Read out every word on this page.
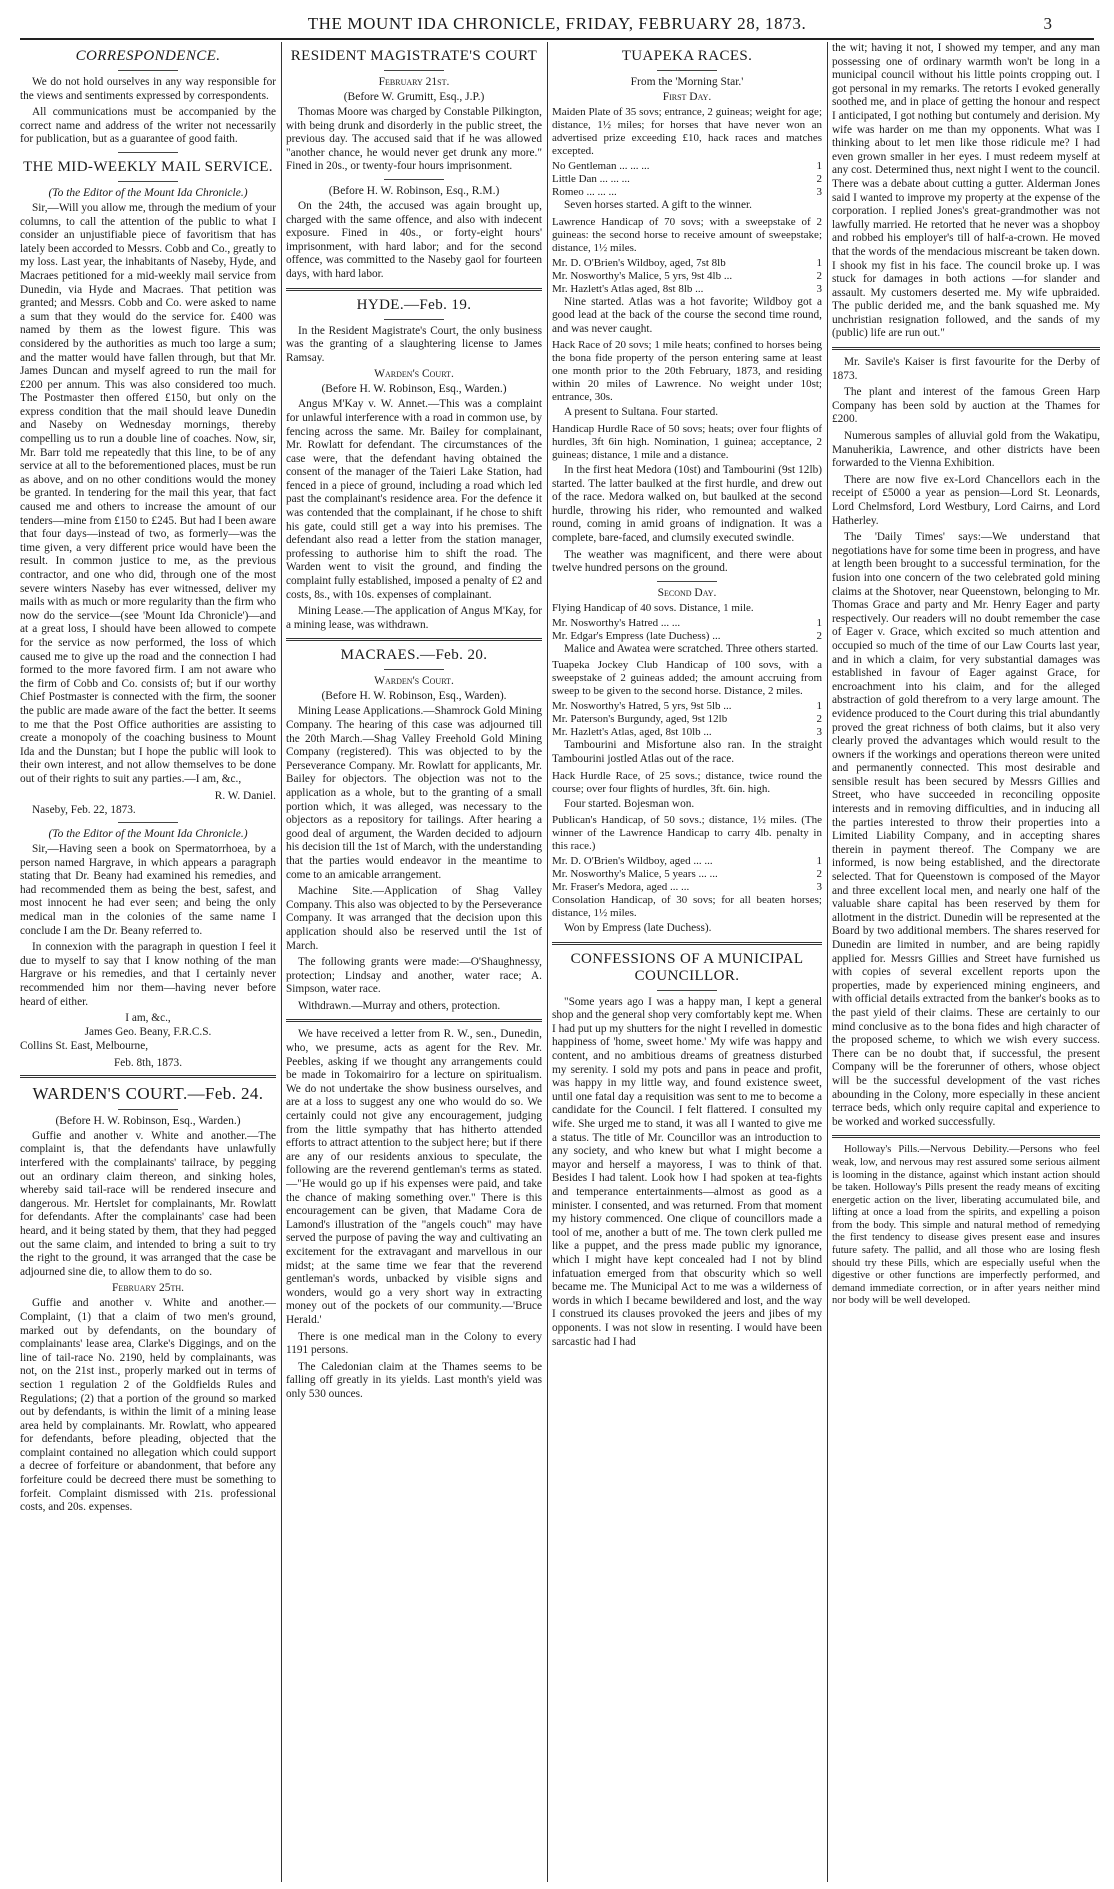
THE MOUNT IDA CHRONICLE, FRIDAY, FEBRUARY 28, 1873.	3
CORRESPONDENCE.

We do not hold ourselves in any way responsible for the views and sentiments expressed by correspondents.

All communications must be accompanied by the correct name and address of the writer not necessarily for publication, but as a guarantee of good faith.

THE MID-WEEKLY MAIL SERVICE.
(To the Editor of the Mount Ida Chronicle.)

Sir,—Will you allow me, through the medium of your columns, to call the attention of the public to what I consider an unjustifiable piece of favoritism that has lately been accorded to Messrs. Cobb and Co., greatly to my loss. Last year, the inhabitants of Naseby, Hyde, and Macraes petitioned for a mid-weekly mail service from Dunedin, via Hyde and Macraes. That petition was granted; and Messrs. Cobb and Co. were asked to name a sum that they would do the service for. £400 was named by them as the lowest figure. This was considered by the authorities as much too large a sum; and the matter would have fallen through, but that Mr. James Duncan and myself agreed to run the mail for £200 per annum. This was also considered too much. The Postmaster then offered £150, but only on the express condition that the mail should leave Dunedin and Naseby on Wednesday mornings, thereby compelling us to run a double line of coaches. Now, sir, Mr. Barr told me repeatedly that this line, to be of any service at all to the beforementioned places, must be run as above, and on no other conditions would the money be granted. In tendering for the mail this year, that fact caused me and others to increase the amount of our tenders—mine from £150 to £245. But had I been aware that four days—instead of two, as formerly—was the time given, a very different price would have been the result. In common justice to me, as the previous contractor, and one who did, through one of the most severe winters Naseby has ever witnessed, deliver my mails with as much or more regularity than the firm who now do the service—(see 'Mount Ida Chronicle')—and at a great loss, I should have been allowed to compete for the service as now performed, the loss of which caused me to give up the road and the connection I had formed to the more favored firm. I am not aware who the firm of Cobb and Co. consists of; but if our worthy Chief Postmaster is connected with the firm, the sooner the public are made aware of the fact the better. It seems to me that the Post Office authorities are assisting to create a monopoly of the coaching business to Mount Ida and the Dunstan; but I hope the public will look to their own interest, and not allow themselves to be done out of their rights to suit any parties.—I am, &c.,

R. W. Daniel.

Naseby, Feb. 22, 1873.

(To the Editor of the Mount Ida Chronicle.)

Sir,—Having seen a book on Spermatorrhoea, by a person named Hargrave, in which appears a paragraph stating that Dr. Beany had examined his remedies, and had recommended them as being the best, safest, and most innocent he had ever seen; and being the only medical man in the colonies of the same name I conclude I am the Dr. Beany referred to.

In connexion with the paragraph in question I feel it due to myself to say that I know nothing of the man Hargrave or his remedies, and that I certainly never recommended him nor them—having never before heard of either.

I am, &c.,
James Geo. Beany, F.R.C.S.
Collins St. East, Melbourne,
Feb. 8th, 1873.
WARDEN'S COURT.—Feb. 24.
(Before H. W. Robinson, Esq., Warden.)

Guffie and another v. White and another.—The complaint is, that the defendants have unlawfully interfered with the complainants' tailrace, by pegging out an ordinary claim thereon, and sinking holes, whereby said tail-race will be rendered insecure and dangerous. Mr. Hertslet for complainants, Mr. Rowlatt for defendants. After the complainants' case had been heard, and it being stated by them, that they had pegged out the same claim, and intended to bring a suit to try the right to the ground, it was arranged that the case be adjourned sine die, to allow them to do so.

February 25th.

Guffie and another v. White and another.—Complaint, (1) that a claim of two men's ground, marked out by defendants, on the boundary of complainants' lease area, Clarke's Diggings, and on the line of tail-race No. 2190, held by complainants, was not, on the 21st inst., properly marked out in terms of section 1 regulation 2 of the Goldfields Rules and Regulations; (2) that a portion of the ground so marked out by defendants, is within the limit of a mining lease area held by complainants. Mr. Rowlatt, who appeared for defendants, before pleading, objected that the complaint contained no allegation which could support a decree of forfeiture or abandonment, that before any forfeiture could be decreed there must be something to forfeit. Complaint dismissed with 21s. professional costs, and 20s. expenses.

RESIDENT MAGISTRATE'S COURT
February 21st.
(Before W. Grumitt, Esq., J.P.)

Thomas Moore was charged by Constable Pilkington, with being drunk and disorderly in the public street, the previous day. The accused said that if he was allowed "another chance, he would never get drunk any more." Fined in 20s., or twenty-four hours imprisonment.

(Before H. W. Robinson, Esq., R.M.)

On the 24th, the accused was again brought up, charged with the same offence, and also with indecent exposure. Fined in 40s., or forty-eight hours' imprisonment, with hard labor; and for the second offence, was committed to the Naseby gaol for fourteen days, with hard labor.

HYDE.—Feb. 19.

In the Resident Magistrate's Court, the only business was the granting of a slaughtering license to James Ramsay.

Warden's Court.
(Before H. W. Robinson, Esq., Warden.)

Angus M'Kay v. W. Annet.—This was a complaint for unlawful interference with a road in common use, by fencing across the same. Mr. Bailey for complainant, Mr. Rowlatt for defendant. The circumstances of the case were, that the defendant having obtained the consent of the manager of the Taieri Lake Station, had fenced in a piece of ground, including a road which led past the complainant's residence area. For the defence it was contended that the complainant, if he chose to shift his gate, could still get a way into his premises. The defendant also read a letter from the station manager, professing to authorise him to shift the road. The Warden went to visit the ground, and finding the complaint fully established, imposed a penalty of £2 and costs, 8s., with 10s. expenses of complainant.

Mining Lease.—The application of Angus M'Kay, for a mining lease, was withdrawn.

MACRAES.—Feb. 20.
Warden's Court.
(Before H. W. Robinson, Esq., Warden).

Mining Lease Applications.—Shamrock Gold Mining Company. The hearing of this case was adjourned till the 20th March.—Shag Valley Freehold Gold Mining Company (registered). This was objected to by the Perseverance Company. Mr. Rowlatt for applicants, Mr. Bailey for objectors. The objection was not to the application as a whole, but to the granting of a small portion which, it was alleged, was necessary to the objectors as a repository for tailings. After hearing a good deal of argument, the Warden decided to adjourn his decision till the 1st of March, with the understanding that the parties would endeavor in the meantime to come to an amicable arrangement.

Machine Site.—Application of Shag Valley Company. This also was objected to by the Perseverance Company. It was arranged that the decision upon this application should also be reserved until the 1st of March.

The following grants were made:—O'Shaughnessy, protection; Lindsay and another, water race; A. Simpson, water race.

Withdrawn.—Murray and others, protection.

We have received a letter from R. W., sen., Dunedin, who, we presume, acts as agent for the Rev. Mr. Peebles, asking if we thought any arrangements could be made in Tokomairiro for a lecture on spiritualism. We do not undertake the show business ourselves, and are at a loss to suggest any one who would do so. We certainly could not give any encouragement, judging from the little sympathy that has hitherto attended efforts to attract attention to the subject here; but if there are any of our residents anxious to speculate, the following are the reverend gentleman's terms as stated.—"He would go up if his expenses were paid, and take the chance of making something over." There is this encouragement can be given, that Madame Cora de Lamond's illustration of the "angels couch" may have served the purpose of paving the way and cultivating an excitement for the extravagant and marvellous in our midst; at the same time we fear that the reverend gentleman's words, unbacked by visible signs and wonders, would go a very short way in extracting money out of the pockets of our community.—'Bruce Herald.'

There is one medical man in the Colony to every 1191 persons.

The Caledonian claim at the Thames seems to be falling off greatly in its yields. Last month's yield was only 530 ounces.

TUAPEKA RACES.
From the 'Morning Star.'
First Day.

Maiden Plate of 35 sovs; entrance, 2 guineas; weight for age; distance, 1½ miles; for horses that have never won an advertised prize exceeding £10, hack races and matches excepted.

No Gentleman ... ... ...	1
Little Dan ... ... ...	2
Romeo ... ... ...	3

Seven horses started. A gift to the winner.

Lawrence Handicap of 70 sovs; with a sweepstake of 2 guineas: the second horse to receive amount of sweepstake; distance, 1½ miles.

Mr. D. O'Brien's Wildboy, aged, 7st 8lb	1
Mr. Nosworthy's Malice, 5 yrs, 9st 4lb ...	2
Mr. Hazlett's Atlas aged, 8st 8lb ...	3

Nine started. Atlas was a hot favorite; Wildboy got a good lead at the back of the course the second time round, and was never caught.

Hack Race of 20 sovs; 1 mile heats; confined to horses being the bona fide property of the person entering same at least one month prior to the 20th February, 1873, and residing within 20 miles of Lawrence. No weight under 10st; entrance, 30s.

A present to Sultana. Four started.

Handicap Hurdle Race of 50 sovs; heats; over four flights of hurdles, 3ft 6in high. Nomination, 1 guinea; acceptance, 2 guineas; distance, 1 mile and a distance.

In the first heat Medora (10st) and Tambourini (9st 12lb) started. The latter baulked at the first hurdle, and drew out of the race. Medora walked on, but baulked at the second hurdle, throwing his rider, who remounted and walked round, coming in amid groans of indignation. It was a complete, bare-faced, and clumsily executed swindle.

The weather was magnificent, and there were about twelve hundred persons on the ground.

Second Day.

Flying Handicap of 40 sovs. Distance, 1 mile.

Mr. Nosworthy's Hatred ... ...	1
Mr. Edgar's Empress (late Duchess) ...	2

Malice and Awatea were scratched. Three others started.

Tuapeka Jockey Club Handicap of 100 sovs, with a sweepstake of 2 guineas added; the amount accruing from sweep to be given to the second horse. Distance, 2 miles.

Mr. Nosworthy's Hatred, 5 yrs, 9st 5lb ...	1
Mr. Paterson's Burgundy, aged, 9st 12lb	2
Mr. Hazlett's Atlas, aged, 8st 10lb ...	3

Tambourini and Misfortune also ran. In the straight Tambourini jostled Atlas out of the race.

Hack Hurdle Race, of 25 sovs.; distance, twice round the course; over four flights of hurdles, 3ft. 6in. high.

Four started. Bojesman won.

Publican's Handicap, of 50 sovs.; distance, 1½ miles. (The winner of the Lawrence Handicap to carry 4lb. penalty in this race.)

Mr. D. O'Brien's Wildboy, aged ... ...	1
Mr. Nosworthy's Malice, 5 years ... ...	2
Mr. Fraser's Medora, aged ... ...	3

Consolation Handicap, of 30 sovs; for all beaten horses; distance, 1½ miles.

Won by Empress (late Duchess).

CONFESSIONS OF A MUNICIPAL COUNCILLOR.

"Some years ago I was a happy man, I kept a general shop and the general shop very comfortably kept me. When I had put up my shutters for the night I revelled in domestic happiness of 'home, sweet home.' My wife was happy and content, and no ambitious dreams of greatness disturbed my serenity. I sold my pots and pans in peace and profit, was happy in my little way, and found existence sweet, until one fatal day a requisition was sent to me to become a candidate for the Council. I felt flattered. I consulted my wife. She urged me to stand, it was all I wanted to give me a status. The title of Mr. Councillor was an introduction to any society, and who knew but what I might become a mayor and herself a mayoress, I was to think of that. Besides I had talent. Look how I had spoken at tea-fights and temperance entertainments—almost as good as a minister. I consented, and was returned. From that moment my history commenced. One clique of councillors made a tool of me, another a butt of me. The town clerk pulled me like a puppet, and the press made public my ignorance, which I might have kept concealed had I not by blind infatuation emerged from that obscurity which so well became me. The Municipal Act to me was a wilderness of words in which I became bewildered and lost, and the way I construed its clauses provoked the jeers and jibes of my opponents. I was not slow in resenting. I would have been sarcastic had I had

the wit; having it not, I showed my temper, and any man possessing one of ordinary warmth won't be long in a municipal council without his little points cropping out. I got personal in my remarks. The retorts I evoked generally soothed me, and in place of getting the honour and respect I anticipated, I got nothing but contumely and derision. My wife was harder on me than my opponents. What was I thinking about to let men like those ridicule me? I had even grown smaller in her eyes. I must redeem myself at any cost. Determined thus, next night I went to the council. There was a debate about cutting a gutter. Alderman Jones said I wanted to improve my property at the expense of the corporation. I replied Jones's great-grandmother was not lawfully married. He retorted that he never was a shopboy and robbed his employer's till of half-a-crown. He moved that the words of the mendacious miscreant be taken down. I shook my fist in his face. The council broke up. I was stuck for damages in both actions —for slander and assault. My customers deserted me. My wife upbraided. The public derided me, and the bank squashed me. My unchristian resignation followed, and the sands of my (public) life are run out."

Mr. Savile's Kaiser is first favourite for the Derby of 1873.

The plant and interest of the famous Green Harp Company has been sold by auction at the Thames for £200.

Numerous samples of alluvial gold from the Wakatipu, Manuherikia, Lawrence, and other districts have been forwarded to the Vienna Exhibition.

There are now five ex-Lord Chancellors each in the receipt of £5000 a year as pension—Lord St. Leonards, Lord Chelmsford, Lord Westbury, Lord Cairns, and Lord Hatherley.

The 'Daily Times' says:—We understand that negotiations have for some time been in progress, and have at length been brought to a successful termination, for the fusion into one concern of the two celebrated gold mining claims at the Shotover, near Queenstown, belonging to Mr. Thomas Grace and party and Mr. Henry Eager and party respectively. Our readers will no doubt remember the case of Eager v. Grace, which excited so much attention and occupied so much of the time of our Law Courts last year, and in which a claim, for very substantial damages was established in favour of Eager against Grace, for encroachment into his claim, and for the alleged abstraction of gold therefrom to a very large amount. The evidence produced to the Court during this trial abundantly proved the great richness of both claims, but it also very clearly proved the advantages which would result to the owners if the workings and operations thereon were united and permanently connected. This most desirable and sensible result has been secured by Messrs Gillies and Street, who have succeeded in reconciling opposite interests and in removing difficulties, and in inducing all the parties interested to throw their properties into a Limited Liability Company, and in accepting shares therein in payment thereof. The Company we are informed, is now being established, and the directorate selected. That for Queenstown is composed of the Mayor and three excellent local men, and nearly one half of the valuable share capital has been reserved by them for allotment in the district. Dunedin will be represented at the Board by two additional members. The shares reserved for Dunedin are limited in number, and are being rapidly applied for. Messrs Gillies and Street have furnished us with copies of several excellent reports upon the properties, made by experienced mining engineers, and with official details extracted from the banker's books as to the past yield of their claims. These are certainly to our mind conclusive as to the bona fides and high character of the proposed scheme, to which we wish every success. There can be no doubt that, if successful, the present Company will be the forerunner of others, whose object will be the successful development of the vast riches abounding in the Colony, more especially in these ancient terrace beds, which only require capital and experience to be worked and worked successfully.

Holloway's Pills.—Nervous Debility.—Persons who feel weak, low, and nervous may rest assured some serious ailment is looming in the distance, against which instant action should be taken. Holloway's Pills present the ready means of exciting energetic action on the liver, liberating accumulated bile, and lifting at once a load from the spirits, and expelling a poison from the body. This simple and natural method of remedying the first tendency to disease gives present ease and insures future safety. The pallid, and all those who are losing flesh should try these Pills, which are especially useful when the digestive or other functions are imperfectly performed, and demand immediate correction, or in after years neither mind nor body will be well developed.
